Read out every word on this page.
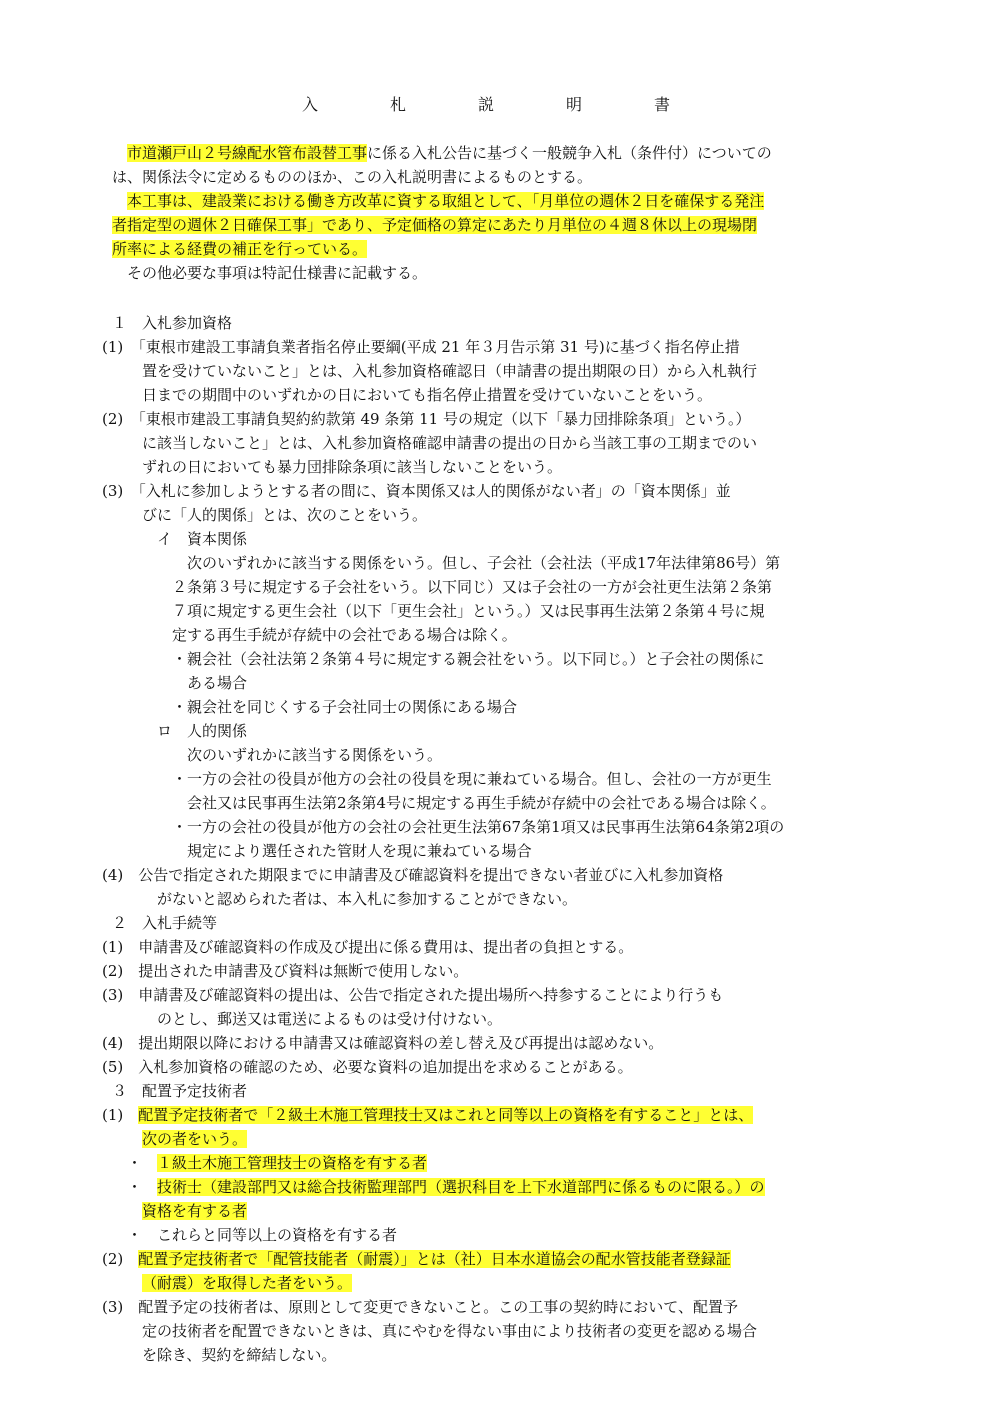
入　札　説　明　書
市道瀬戸山２号線配水管布設替工事に係る入札公告に基づく一般競争入札（条件付）についての
は、関係法令に定めるもののほか、この入札説明書によるものとする。
本工事は、建設業における働き方改革に資する取組として、「月単位の週休２日を確保する発注
者指定型の週休２日確保工事」であり、予定価格の算定にあたり月単位の４週８休以上の現場閉
所率による経費の補正を行っている。
その他必要な事項は特記仕様書に記載する。
１　入札参加資格
(1)　「東根市建設工事請負業者指名停止要綱(平成 21 年３月告示第 31 号)に基づく指名停止措
置を受けていないこと」とは、入札参加資格確認日（申請書の提出期限の日）から入札執行
日までの期間中のいずれかの日においても指名停止措置を受けていないことをいう。
(2)　「東根市建設工事請負契約約款第 49 条第 11 号の規定（以下「暴力団排除条項」という。）
に該当しないこと」とは、入札参加資格確認申請書の提出の日から当該工事の工期までのい
ずれの日においても暴力団排除条項に該当しないことをいう。
(3)　「入札に参加しようとする者の間に、資本関係又は人的関係がない者」の「資本関係」並
びに「人的関係」とは、次のことをいう。
イ　資本関係
次のいずれかに該当する関係をいう。但し、子会社（会社法（平成17年法律第86号）第
２条第３号に規定する子会社をいう。以下同じ）又は子会社の一方が会社更生法第２条第
７項に規定する更生会社（以下「更生会社」という。）又は民事再生法第２条第４号に規
定する再生手続が存続中の会社である場合は除く。
・親会社（会社法第２条第４号に規定する親会社をいう。以下同じ。）と子会社の関係に
ある場合
・親会社を同じくする子会社同士の関係にある場合
ロ　人的関係
次のいずれかに該当する関係をいう。
・一方の会社の役員が他方の会社の役員を現に兼ねている場合。但し、会社の一方が更生
会社又は民事再生法第2条第4号に規定する再生手続が存続中の会社である場合は除く。
・一方の会社の役員が他方の会社の会社更生法第67条第1項又は民事再生法第64条第2項の
規定により選任された管財人を現に兼ねている場合
(4)　公告で指定された期限までに申請書及び確認資料を提出できない者並びに入札参加資格
がないと認められた者は、本入札に参加することができない。
２　入札手続等
(1)　申請書及び確認資料の作成及び提出に係る費用は、提出者の負担とする。
(2)　提出された申請書及び資料は無断で使用しない。
(3)　申請書及び確認資料の提出は、公告で指定された提出場所へ持参することにより行うも
のとし、郵送又は電送によるものは受け付けない。
(4)　提出期限以降における申請書又は確認資料の差し替え及び再提出は認めない。
(5)　入札参加資格の確認のため、必要な資料の追加提出を求めることがある。
３　配置予定技術者
(1)　配置予定技術者で「２級土木施工管理技士又はこれと同等以上の資格を有すること」とは、
次の者をいう。
・　 １級土木施工管理技士の資格を有する者
・　 技術士（建設部門又は総合技術監理部門（選択科目を上下水道部門に係るものに限る。）の
資格を有する者
・　これらと同等以上の資格を有する者
(2)　配置予定技術者で「配管技能者（耐震）」とは（社）日本水道協会の配水管技能者登録証
（耐震）を取得した者をいう。
(3)　配置予定の技術者は、原則として変更できないこと。この工事の契約時において、配置予
定の技術者を配置できないときは、真にやむを得ない事由により技術者の変更を認める場合
を除き、契約を締結しない。
